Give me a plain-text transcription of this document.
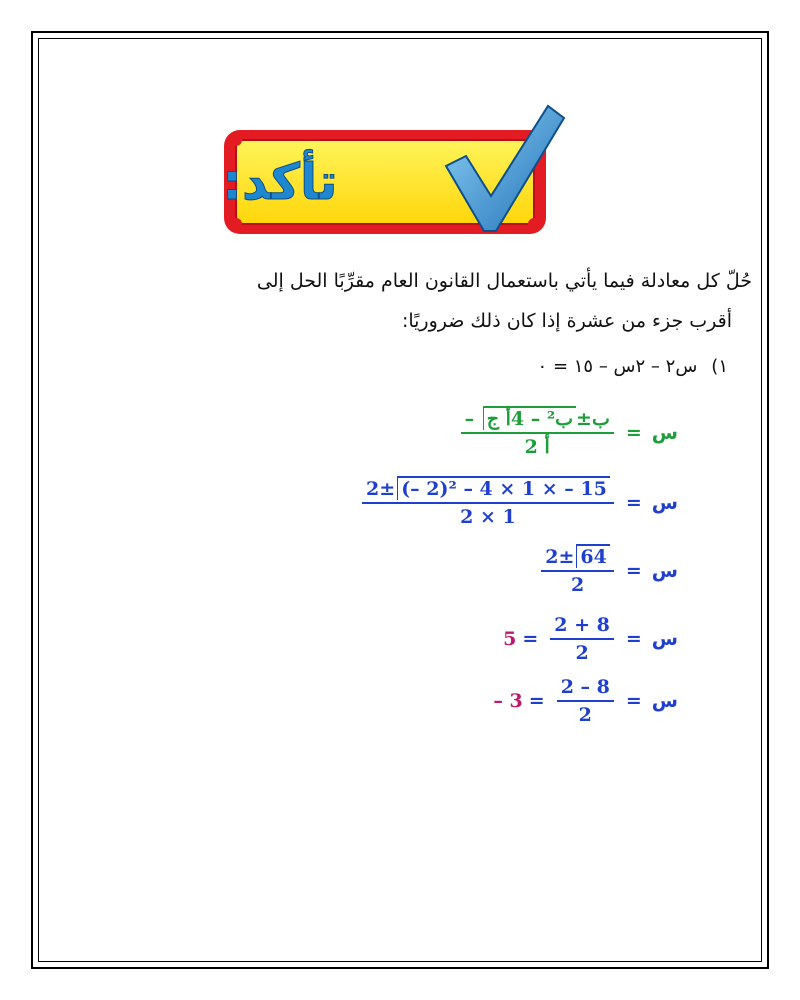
تأكد:
حُلّ كل معادلة فيما يأتي باستعمال القانون العام مقرِّبًا الحل إلى
أقرب جزء من عشرة إذا كان ذلك ضروريًا:
١)
س٢ – ٢س – ١٥ = ٠
$\frac{\text{– ب±ب² – 4أ ج}}{\text{2 أ}}$ = س
$\frac{\text{2± (– 2)² – 4 × 1 × – 15}}{2 \times 1}$ = س
$\frac{2\pm 64}{2}$ = س
$5 = \frac{2 + 8}{2}$ = س
– $3 = \frac{2 - 8}{2}$ = س
